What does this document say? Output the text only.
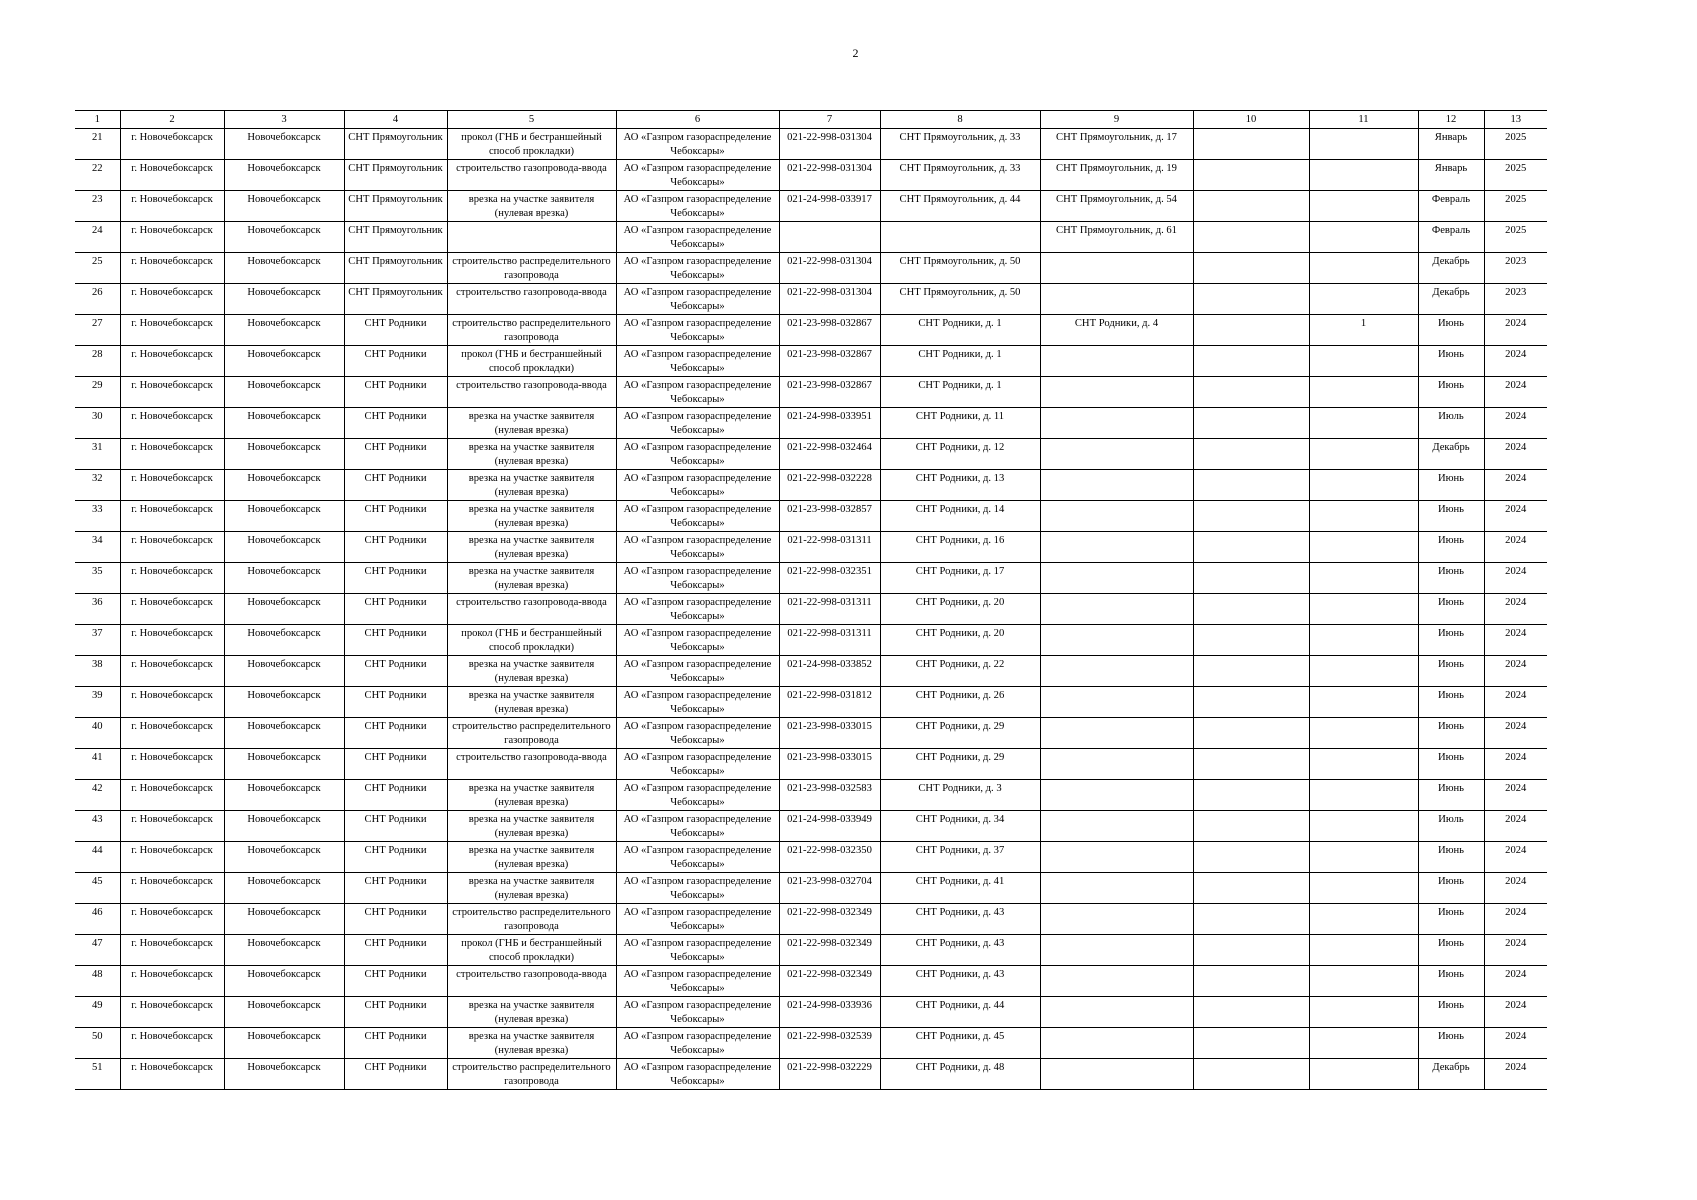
2
1	2	3	4	5	6	7	8	9	10	11	12	13
21	г. Новочебоксарск	Новочебоксарск	СНТ Прямоугольник	прокол (ГНБ и бестраншейный способ прокладки)	АО «Газпром газораспределение Чебоксары»	021-22-998-031304	СНТ Прямоугольник, д. 33	СНТ Прямоугольник, д. 17			Январь	2025
22	г. Новочебоксарск	Новочебоксарск	СНТ Прямоугольник	строительство газопровода-ввода	АО «Газпром газораспределение Чебоксары»	021-22-998-031304	СНТ Прямоугольник, д. 33	СНТ Прямоугольник, д. 19			Январь	2025
23	г. Новочебоксарск	Новочебоксарск	СНТ Прямоугольник	врезка на участке заявителя (нулевая врезка)	АО «Газпром газораспределение Чебоксары»	021-24-998-033917	СНТ Прямоугольник, д. 44	СНТ Прямоугольник, д. 54			Февраль	2025
24	г. Новочебоксарск	Новочебоксарск	СНТ Прямоугольник		АО «Газпром газораспределение Чебоксары»			СНТ Прямоугольник, д. 61			Февраль	2025
25	г. Новочебоксарск	Новочебоксарск	СНТ Прямоугольник	строительство распределительного газопровода	АО «Газпром газораспределение Чебоксары»	021-22-998-031304	СНТ Прямоугольник, д. 50				Декабрь	2023
26	г. Новочебоксарск	Новочебоксарск	СНТ Прямоугольник	строительство газопровода-ввода	АО «Газпром газораспределение Чебоксары»	021-22-998-031304	СНТ Прямоугольник, д. 50				Декабрь	2023
27	г. Новочебоксарск	Новочебоксарск	СНТ Родники	строительство распределительного газопровода	АО «Газпром газораспределение Чебоксары»	021-23-998-032867	СНТ Родники, д. 1	СНТ Родники, д. 4		1	Июнь	2024
28	г. Новочебоксарск	Новочебоксарск	СНТ Родники	прокол (ГНБ и бестраншейный способ прокладки)	АО «Газпром газораспределение Чебоксары»	021-23-998-032867	СНТ Родники, д. 1				Июнь	2024
29	г. Новочебоксарск	Новочебоксарск	СНТ Родники	строительство газопровода-ввода	АО «Газпром газораспределение Чебоксары»	021-23-998-032867	СНТ Родники, д. 1				Июнь	2024
30	г. Новочебоксарск	Новочебоксарск	СНТ Родники	врезка на участке заявителя (нулевая врезка)	АО «Газпром газораспределение Чебоксары»	021-24-998-033951	СНТ Родники, д. 11				Июль	2024
31	г. Новочебоксарск	Новочебоксарск	СНТ Родники	врезка на участке заявителя (нулевая врезка)	АО «Газпром газораспределение Чебоксары»	021-22-998-032464	СНТ Родники, д. 12				Декабрь	2024
32	г. Новочебоксарск	Новочебоксарск	СНТ Родники	врезка на участке заявителя (нулевая врезка)	АО «Газпром газораспределение Чебоксары»	021-22-998-032228	СНТ Родники, д. 13				Июнь	2024
33	г. Новочебоксарск	Новочебоксарск	СНТ Родники	врезка на участке заявителя (нулевая врезка)	АО «Газпром газораспределение Чебоксары»	021-23-998-032857	СНТ Родники, д. 14				Июнь	2024
34	г. Новочебоксарск	Новочебоксарск	СНТ Родники	врезка на участке заявителя (нулевая врезка)	АО «Газпром газораспределение Чебоксары»	021-22-998-031311	СНТ Родники, д. 16				Июнь	2024
35	г. Новочебоксарск	Новочебоксарск	СНТ Родники	врезка на участке заявителя (нулевая врезка)	АО «Газпром газораспределение Чебоксары»	021-22-998-032351	СНТ Родники, д. 17				Июнь	2024
36	г. Новочебоксарск	Новочебоксарск	СНТ Родники	строительство газопровода-ввода	АО «Газпром газораспределение Чебоксары»	021-22-998-031311	СНТ Родники, д. 20				Июнь	2024
37	г. Новочебоксарск	Новочебоксарск	СНТ Родники	прокол (ГНБ и бестраншейный способ прокладки)	АО «Газпром газораспределение Чебоксары»	021-22-998-031311	СНТ Родники, д. 20				Июнь	2024
38	г. Новочебоксарск	Новочебоксарск	СНТ Родники	врезка на участке заявителя (нулевая врезка)	АО «Газпром газораспределение Чебоксары»	021-24-998-033852	СНТ Родники, д. 22				Июнь	2024
39	г. Новочебоксарск	Новочебоксарск	СНТ Родники	врезка на участке заявителя (нулевая врезка)	АО «Газпром газораспределение Чебоксары»	021-22-998-031812	СНТ Родники, д. 26				Июнь	2024
40	г. Новочебоксарск	Новочебоксарск	СНТ Родники	строительство распределительного газопровода	АО «Газпром газораспределение Чебоксары»	021-23-998-033015	СНТ Родники, д. 29				Июнь	2024
41	г. Новочебоксарск	Новочебоксарск	СНТ Родники	строительство газопровода-ввода	АО «Газпром газораспределение Чебоксары»	021-23-998-033015	СНТ Родники, д. 29				Июнь	2024
42	г. Новочебоксарск	Новочебоксарск	СНТ Родники	врезка на участке заявителя (нулевая врезка)	АО «Газпром газораспределение Чебоксары»	021-23-998-032583	СНТ Родники, д. 3				Июнь	2024
43	г. Новочебоксарск	Новочебоксарск	СНТ Родники	врезка на участке заявителя (нулевая врезка)	АО «Газпром газораспределение Чебоксары»	021-24-998-033949	СНТ Родники, д. 34				Июль	2024
44	г. Новочебоксарск	Новочебоксарск	СНТ Родники	врезка на участке заявителя (нулевая врезка)	АО «Газпром газораспределение Чебоксары»	021-22-998-032350	СНТ Родники, д. 37				Июнь	2024
45	г. Новочебоксарск	Новочебоксарск	СНТ Родники	врезка на участке заявителя (нулевая врезка)	АО «Газпром газораспределение Чебоксары»	021-23-998-032704	СНТ Родники, д. 41				Июнь	2024
46	г. Новочебоксарск	Новочебоксарск	СНТ Родники	строительство распределительного газопровода	АО «Газпром газораспределение Чебоксары»	021-22-998-032349	СНТ Родники, д. 43				Июнь	2024
47	г. Новочебоксарск	Новочебоксарск	СНТ Родники	прокол (ГНБ и бестраншейный способ прокладки)	АО «Газпром газораспределение Чебоксары»	021-22-998-032349	СНТ Родники, д. 43				Июнь	2024
48	г. Новочебоксарск	Новочебоксарск	СНТ Родники	строительство газопровода-ввода	АО «Газпром газораспределение Чебоксары»	021-22-998-032349	СНТ Родники, д. 43				Июнь	2024
49	г. Новочебоксарск	Новочебоксарск	СНТ Родники	врезка на участке заявителя (нулевая врезка)	АО «Газпром газораспределение Чебоксары»	021-24-998-033936	СНТ Родники, д. 44				Июнь	2024
50	г. Новочебоксарск	Новочебоксарск	СНТ Родники	врезка на участке заявителя (нулевая врезка)	АО «Газпром газораспределение Чебоксары»	021-22-998-032539	СНТ Родники, д. 45				Июнь	2024
51	г. Новочебоксарск	Новочебоксарск	СНТ Родники	строительство распределительного газопровода	АО «Газпром газораспределение Чебоксары»	021-22-998-032229	СНТ Родники, д. 48				Декабрь	2024
